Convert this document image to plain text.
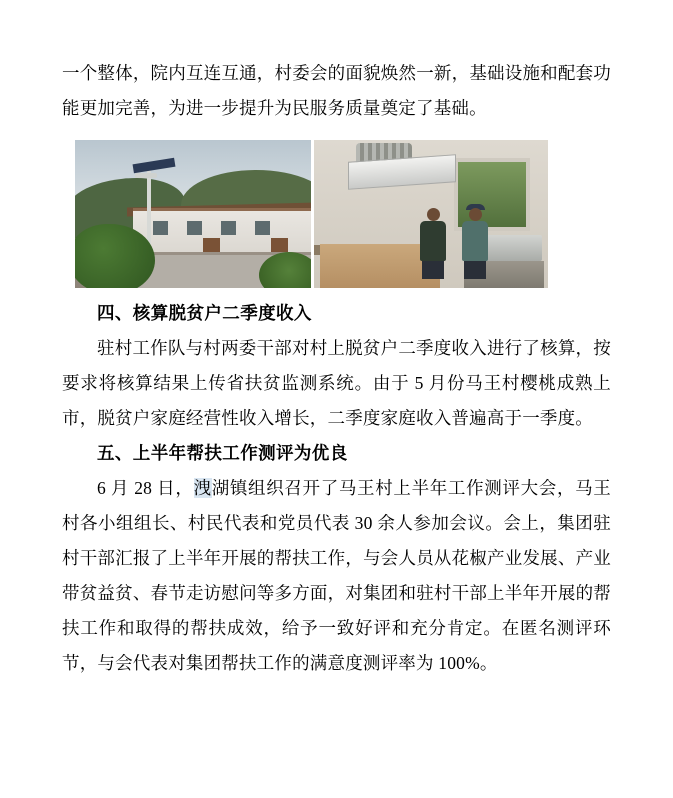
一个整体，院内互连互通，村委会的面貌焕然一新，基础设施和配套功能更加完善，为进一步提升为民服务质量奠定了基础。

四、核算脱贫户二季度收入

驻村工作队与村两委干部对村上脱贫户二季度收入进行了核算，按要求将核算结果上传省扶贫监测系统。由于 5 月份马王村樱桃成熟上市，脱贫户家庭经营性收入增长，二季度家庭收入普遍高于一季度。

五、上半年帮扶工作测评为优良

6 月 28 日，洩湖镇组织召开了马王村上半年工作测评大会，马王村各小组组长、村民代表和党员代表 30 余人参加会议。会上，集团驻村干部汇报了上半年开展的帮扶工作，与会人员从花椒产业发展、产业带贫益贫、春节走访慰问等多方面，对集团和驻村干部上半年开展的帮扶工作和取得的帮扶成效，给予一致好评和充分肯定。在匿名测评环节，与会代表对集团帮扶工作的满意度测评率为 100%。
